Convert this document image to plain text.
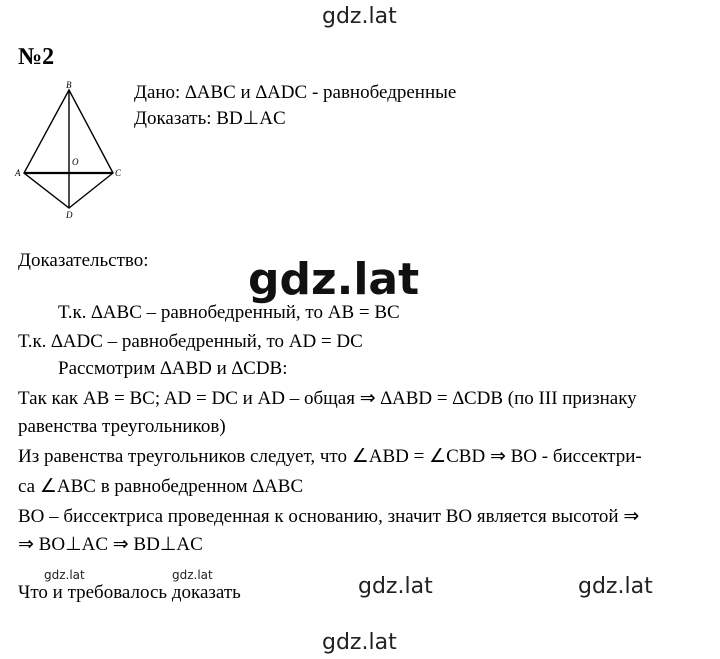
gdz.lat
gdz.lat
gdz.lat	gdz.lat	gdz.lat	gdz.lat
gdz.lat
№2
B
A	C
D
O
Дано: ∆ABC и ∆ADC - равнобедренные
Доказать: BD⊥AC
Доказательство:
Т.к. ∆ABC – равнобедренный, то AB = BC
Т.к. ∆ADC – равнобедренный, то AD = DC
Рассмотрим ∆ABD и ∆CDB:
Так как AB = BC; AD = DC и AD – общая ⇒ ∆ABD = ∆CDB (по III признаку
равенства треугольников)
Из равенства треугольников следует, что ∠ABD = ∠CBD ⇒ BO - биссектри-
са ∠ABC в равнобедренном ∆ABC
BO – биссектриса проведенная к основанию, значит BO является высотой ⇒
⇒ BO⊥AC ⇒ BD⊥AC
Что и требовалось доказать
